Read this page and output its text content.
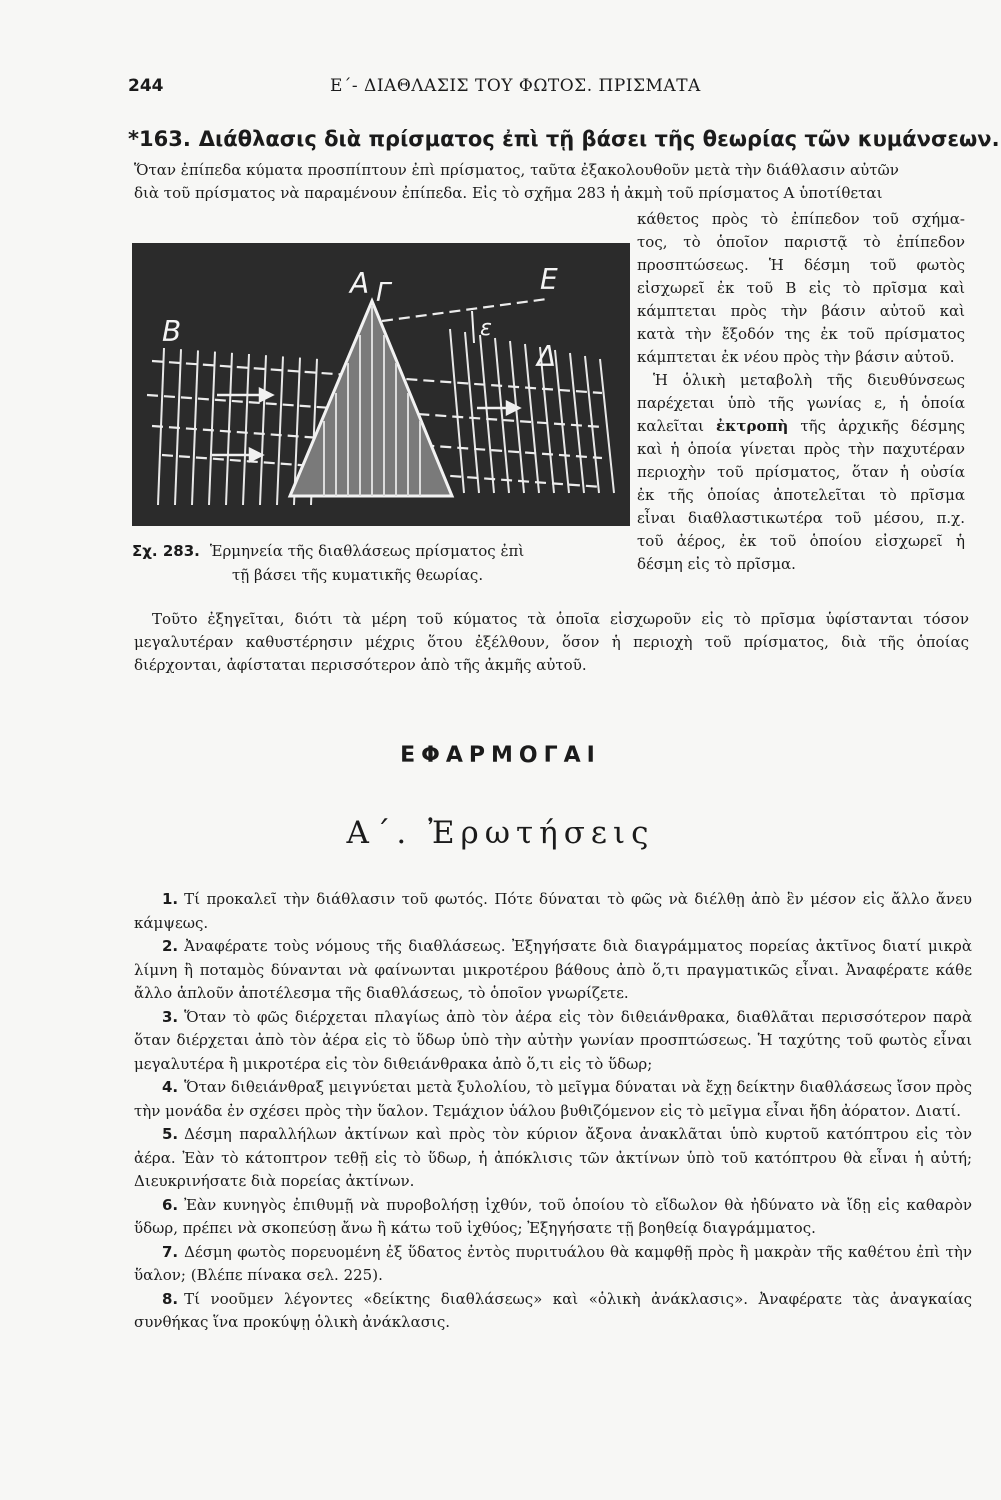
244	Ε΄- ΔΙΑΘΛΑΣΙΣ ΤΟΥ ΦΩΤΟΣ. ΠΡΙΣΜΑΤΑ
*163. Διάθλασις διὰ πρίσματος ἐπὶ τῇ βάσει τῆς θεωρίας τῶν κυμάνσεων.

Ὅταν ἐπίπεδα κύματα προσπίπτουν ἐπὶ πρίσματος, ταῦτα ἐξακολουθοῦν μετὰ τὴν διάθλασιν αὐτῶν

διὰ τοῦ πρίσματος νὰ παραμένουν ἐπίπεδα. Εἰς τὸ σχῆμα 283 ἡ ἀκμὴ τοῦ πρίσματος Α ὑποτίθεται

κάθετος πρὸς τὸ ἐπίπεδον τοῦ σχήμα-

τος, τὸ ὁποῖον παριστᾷ τὸ ἐπίπεδον

προσπτώσεως. Ἡ δέσμη τοῦ φωτὸς

εἰσχωρεῖ ἐκ τοῦ Β εἰς τὸ πρῖσμα καὶ

κάμπτεται πρὸς τὴν βάσιν αὐτοῦ καὶ

κατὰ τὴν ἔξοδόν της ἐκ τοῦ πρίσματος

κάμπτεται ἐκ νέου πρὸς τὴν βάσιν αὐτοῦ.

Ἡ ὁλικὴ μεταβολὴ τῆς διευθύνσεως

παρέχεται ὑπὸ τῆς γωνίας ε, ἡ ὁποία

καλεῖται ἐκτροπὴ τῆς ἀρχικῆς δέσμης

καὶ ἡ ὁποία γίνεται πρὸς τὴν παχυτέραν

περιοχὴν τοῦ πρίσματος, ὅταν ἡ οὐσία

ἐκ τῆς ὁποίας ἀποτελεῖται τὸ πρῖσμα

εἶναι διαθλαστικωτέρα τοῦ μέσου, π.χ.

τοῦ ἀέρος, ἐκ τοῦ ὁποίου εἰσχωρεῖ ἡ

δέσμη εἰς τὸ πρῖσμα.

Α Γ	Ε
Β
Δ
ε
Σχ. 283. Ἑρμηνεία τῆς διαθλάσεως πρίσματος ἐπὶ
τῇ βάσει τῆς κυματικῆς θεωρίας.

Τοῦτο ἐξηγεῖται, διότι τὰ μέρη τοῦ κύματος τὰ ὁποῖα εἰσχωροῦν εἰς τὸ πρῖσμα ὑφίστανται τόσον μεγαλυτέραν καθυστέρησιν μέχρις ὅτου ἐξέλθουν, ὅσον ἡ περιοχὴ τοῦ πρίσματος, διὰ τῆς ὁποίας διέρχονται, ἀφίσταται περισσότερον ἀπὸ τῆς ἀκμῆς αὐτοῦ.

ΕΦΑΡΜΟΓΑΙ
Α΄. Ἐρωτήσεις

1. Τί προκαλεῖ τὴν διάθλασιν τοῦ φωτός. Πότε δύναται τὸ φῶς νὰ διέλθῃ ἀπὸ ἓν μέσον εἰς ἄλλο ἄνευ κάμψεως.

2. Ἀναφέρατε τοὺς νόμους τῆς διαθλάσεως. Ἐξηγήσατε διὰ διαγράμματος πορείας ἀκτῖνος διατί μικρὰ λίμνη ἢ ποταμὸς δύνανται νὰ φαίνωνται μικροτέρου βάθους ἀπὸ ὅ,τι πραγματικῶς εἶναι. Ἀναφέρατε κάθε ἄλλο ἁπλοῦν ἀποτέλεσμα τῆς διαθλάσεως, τὸ ὁποῖον γνωρίζετε.

3. Ὅταν τὸ φῶς διέρχεται πλαγίως ἀπὸ τὸν ἀέρα εἰς τὸν διθειάνθρακα, διαθλᾶται περισσότερον παρὰ ὅταν διέρχεται ἀπὸ τὸν ἀέρα εἰς τὸ ὕδωρ ὑπὸ τὴν αὐτὴν γωνίαν προσπτώσεως. Ἡ ταχύτης τοῦ φωτὸς εἶναι μεγαλυτέρα ἢ μικροτέρα εἰς τὸν διθειάνθρακα ἀπὸ ὅ,τι εἰς τὸ ὕδωρ;

4. Ὅταν διθειάνθραξ μειγνύεται μετὰ ξυλολίου, τὸ μεῖγμα δύναται νὰ ἔχῃ δείκτην διαθλάσεως ἴσον πρὸς τὴν μονάδα ἐν σχέσει πρὸς τὴν ὕαλον. Τεμάχιον ὑάλου βυθιζόμενον εἰς τὸ μεῖγμα εἶναι ἤδη ἀόρατον. Διατί.

5. Δέσμη παραλλήλων ἀκτίνων καὶ πρὸς τὸν κύριον ἄξονα ἀνακλᾶται ὑπὸ κυρτοῦ κατόπτρου εἰς τὸν ἀέρα. Ἐὰν τὸ κάτοπτρον τεθῇ εἰς τὸ ὕδωρ, ἡ ἀπόκλισις τῶν ἀκτίνων ὑπὸ τοῦ κατόπτρου θὰ εἶναι ἡ αὐτή; Διευκρινήσατε διὰ πορείας ἀκτίνων.

6. Ἐὰν κυνηγὸς ἐπιθυμῇ νὰ πυροβολήσῃ ἰχθύν, τοῦ ὁποίου τὸ εἴδωλον θὰ ἠδύνατο νὰ ἴδῃ εἰς καθαρὸν ὕδωρ, πρέπει νὰ σκοπεύσῃ ἄνω ἢ κάτω τοῦ ἰχθύος; Ἐξηγήσατε τῇ βοηθείᾳ διαγράμματος.

7. Δέσμη φωτὸς πορευομένη ἐξ ὕδατος ἐντὸς πυριτυάλου θὰ καμφθῇ πρὸς ἢ μακρὰν τῆς καθέτου ἐπὶ τὴν ὕαλον; (Βλέπε πίνακα σελ. 225).

8. Τί νοοῦμεν λέγοντες «δείκτης διαθλάσεως» καὶ «ὁλικὴ ἀνάκλασις». Ἀναφέρατε τὰς ἀναγκαίας συνθήκας ἵνα προκύψῃ ὁλικὴ ἀνάκλασις.
